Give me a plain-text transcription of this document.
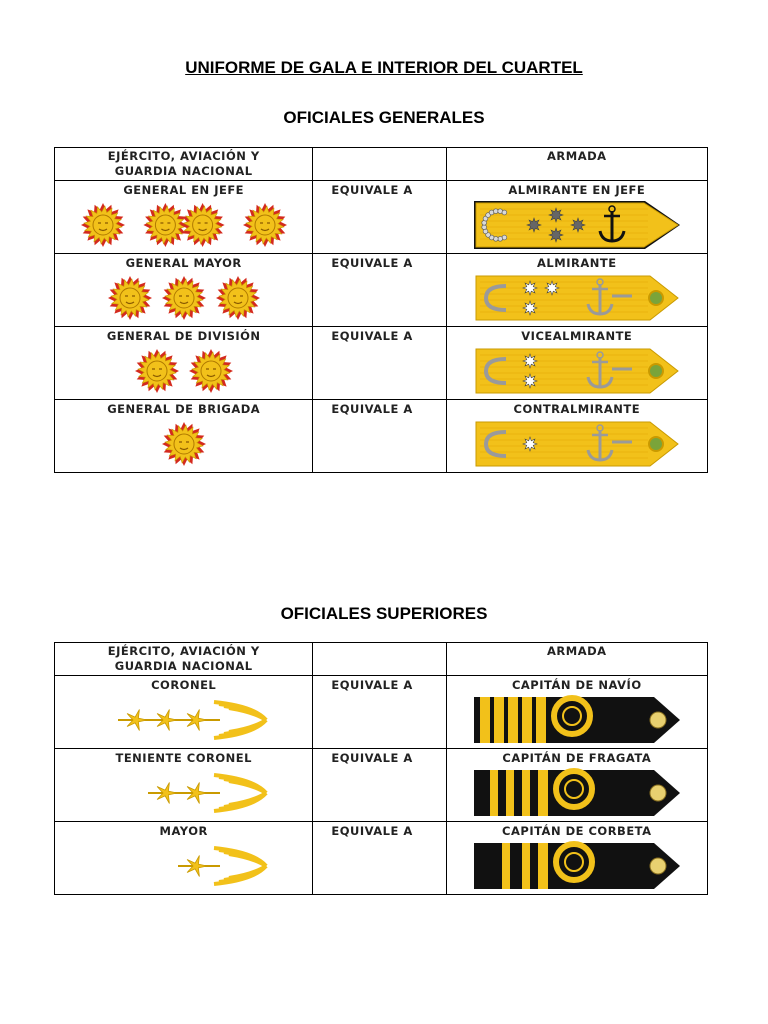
UNIFORME DE GALA E INTERIOR DEL CUARTEL
OFICIALES GENERALES
EJÉRCITO, AVIACIÓN Y
GUARDIA NACIONAL		ARMADA

GENERAL EN JEFE	EQUIVALE A	ALMIRANTE EN JEFE

GENERAL MAYOR	EQUIVALE A	ALMIRANTE

GENERAL DE DIVISIÓN	EQUIVALE A	VICEALMIRANTE

GENERAL DE BRIGADA	EQUIVALE A	CONTRALMIRANTE
OFICIALES SUPERIORES
EJÉRCITO, AVIACIÓN Y
GUARDIA NACIONAL		ARMADA

CORONEL	EQUIVALE A	CAPITÁN DE NAVÍO

TENIENTE CORONEL	EQUIVALE A	CAPITÁN DE FRAGATA

MAYOR	EQUIVALE A	CAPITÁN DE CORBETA
